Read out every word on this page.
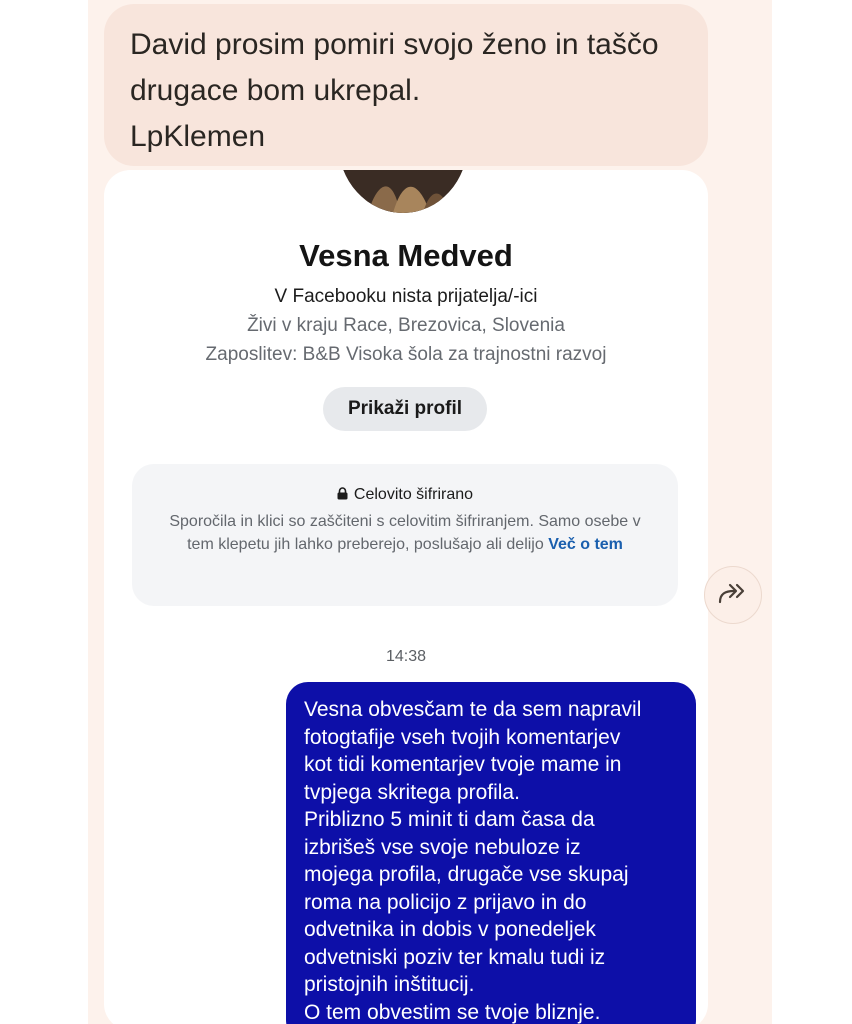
David prosim pomiri svojo ženo in taščo
drugace bom ukrepal.
LpKlemen
Vesna Medved
V Facebooku nista prijatelja/-ici
Živi v kraju Race, Brezovica, Slovenia
Zaposlitev: B&B Visoka šola za trajnostni razvoj
Prikaži profil
Celovito šifrirano
Sporočila in klici so zaščiteni s celovitim šifriranjem. Samo osebe v tem klepetu jih lahko preberejo, poslušajo ali delijo Več o tem
14:38
Vesna obvesčam te da sem napravil
fotogtafije vseh tvojih komentarjev
kot tidi komentarjev tvoje mame in
tvpjega skritega profila.
Priblizno 5 minit ti dam časa da
izbrišeš vse svoje nebuloze iz
mojega profila, drugače vse skupaj
roma na policijo z prijavo in do
odvetnika in dobis v ponedeljek
odvetniski poziv ter kmalu tudi iz
pristojnih inštitucij.
O tem obvestim se tvoje bliznje.
